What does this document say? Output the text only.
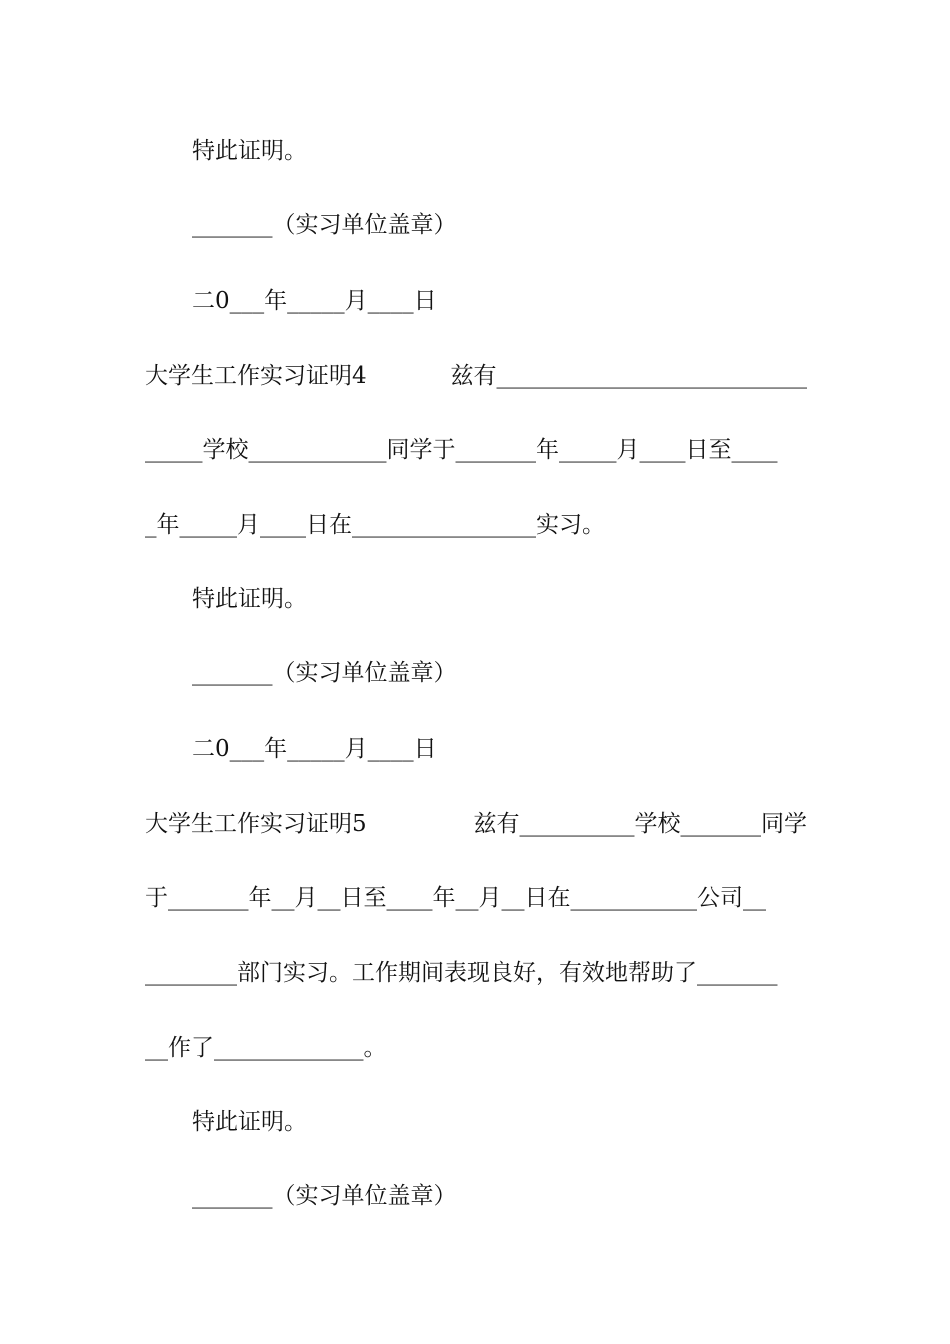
特此证明。
_______（实习单位盖章）
二0___年_____月____日
大学生工作实习证明4	兹有___________________________
_____学校____________同学于_______年_____月____日至____
_年_____月____日在________________实习。
特此证明。
_______（实习单位盖章）
二0___年_____月____日
大学生工作实习证明5	兹有__________学校_______同学
于_______年__月__日至____年__月__日在___________公司__
________部门实习。工作期间表现良好，有效地帮助了_______
__作了_____________。
特此证明。
_______（实习单位盖章）
